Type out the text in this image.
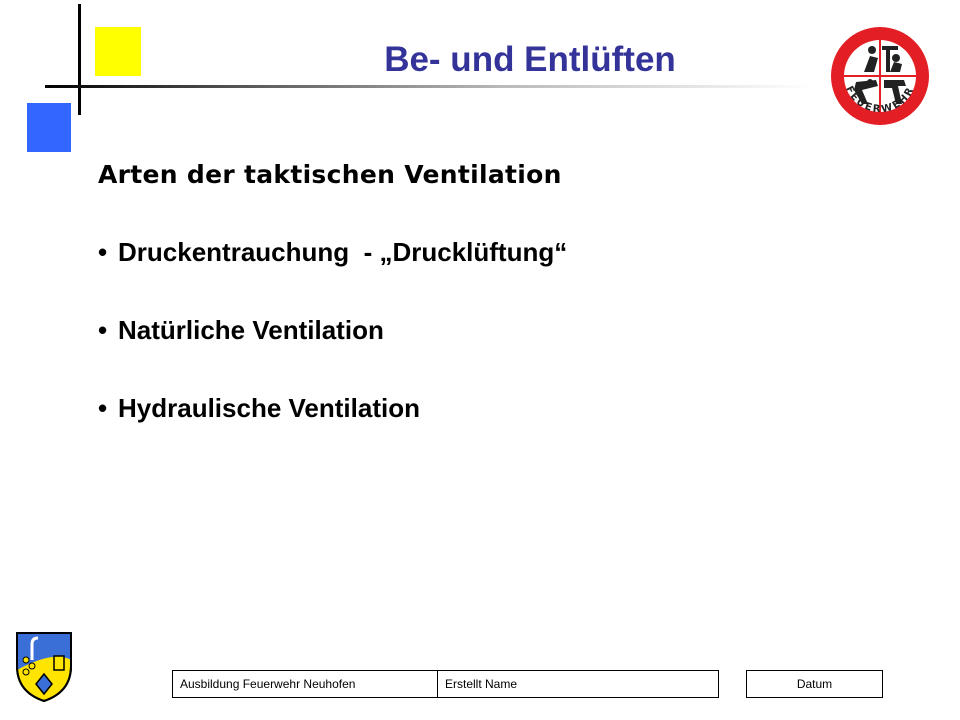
Be- und Entlüften
FEUERWEHR
Arten der taktischen Ventilation
• Druckentrauchung  - „Drucklüftung“
• Natürliche Ventilation
• Hydraulische Ventilation
Ausbildung Feuerwehr Neuhofen	Erstellt Name	Datum
